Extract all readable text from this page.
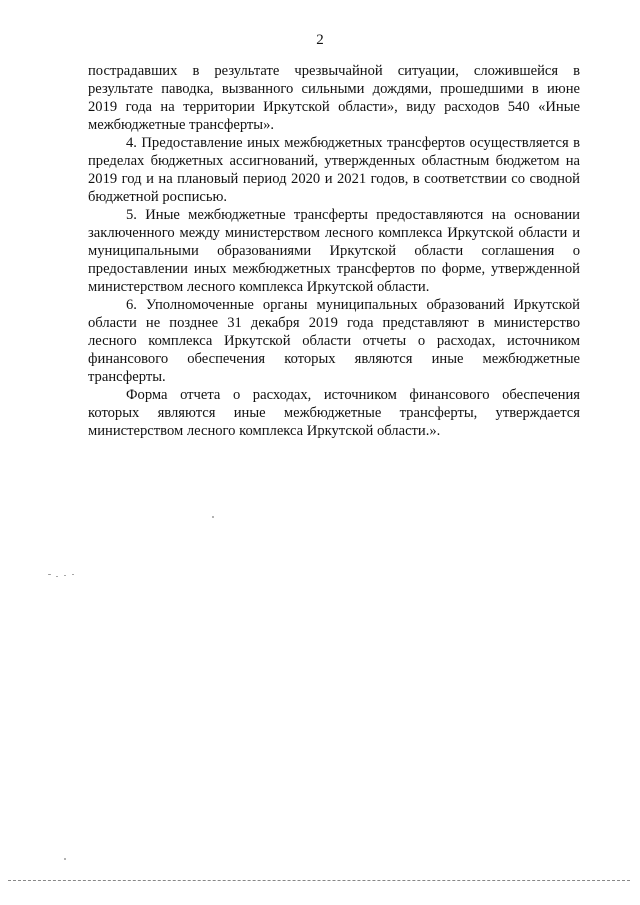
2

пострадавших в результате чрезвычайной ситуации, сложившейся в результате паводка, вызванного сильными дождями, прошедшими в июне 2019 года на территории Иркутской области», виду расходов 540 «Иные межбюджетные трансферты».

4. Предоставление иных межбюджетных трансфертов осуществляется в пределах бюджетных ассигнований, утвержденных областным бюджетом на 2019 год и на плановый период 2020 и 2021 годов, в соответствии со сводной бюджетной росписью.

5. Иные межбюджетные трансферты предоставляются на основании заключенного между министерством лесного комплекса Иркутской области и муниципальными образованиями Иркутской области соглашения о предоставлении иных межбюджетных трансфертов по форме, утвержденной министерством лесного комплекса Иркутской области.

6. Уполномоченные органы муниципальных образований Иркутской области не позднее 31 декабря 2019 года представляют в министерство лесного комплекса Иркутской области отчеты о расходах, источником финансового обеспечения которых являются иные межбюджетные трансферты.

Форма отчета о расходах, источником финансового обеспечения которых являются иные межбюджетные трансферты, утверждается министерством лесного комплекса Иркутской области.».
